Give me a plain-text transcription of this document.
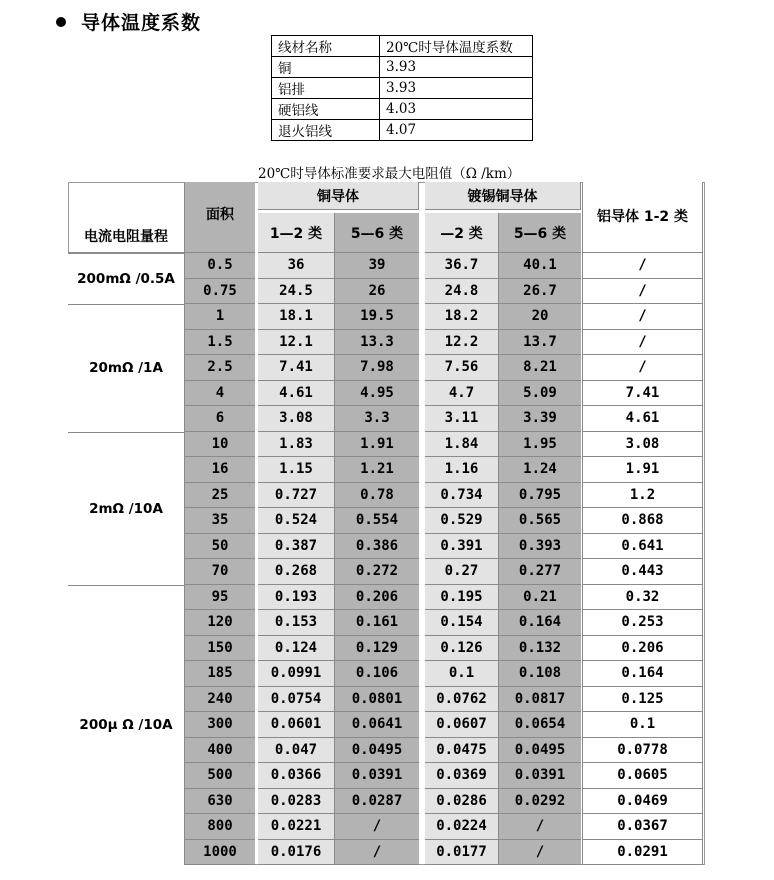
导体温度系数
线材名称	20℃时导体温度系数
铜	3.93
铝排	3.93
硬铝线	4.03
退火铝线	4.07
20℃时导体标准要求最大电阻值（Ω /km）
电流电阻量程
面积
铜导体	镀锡铜导体
1—2 类	5—6 类	—2 类	5—6 类
铝导体 1-2 类
200mΩ /0.5A
0.5	36	39	36.7	40.1	/
0.75	24.5	26	24.8	26.7	/
20mΩ /1A
1	18.1	19.5	18.2	20	/
1.5	12.1	13.3	12.2	13.7	/
2.5	7.41	7.98	7.56	8.21	/
4	4.61	4.95	4.7	5.09	7.41
6	3.08	3.3	3.11	3.39	4.61
2mΩ /10A
10	1.83	1.91	1.84	1.95	3.08
16	1.15	1.21	1.16	1.24	1.91
25	0.727	0.78	0.734	0.795	1.2
35	0.524	0.554	0.529	0.565	0.868
50	0.387	0.386	0.391	0.393	0.641
70	0.268	0.272	0.27	0.277	0.443
200μ Ω /10A
95	0.193	0.206	0.195	0.21	0.32
120	0.153	0.161	0.154	0.164	0.253
150	0.124	0.129	0.126	0.132	0.206
185	0.0991	0.106	0.1	0.108	0.164
240	0.0754	0.0801	0.0762	0.0817	0.125
300	0.0601	0.0641	0.0607	0.0654	0.1
400	0.047	0.0495	0.0475	0.0495	0.0778
500	0.0366	0.0391	0.0369	0.0391	0.0605
630	0.0283	0.0287	0.0286	0.0292	0.0469
800	0.0221	/	0.0224	/	0.0367
1000	0.0176	/	0.0177	/	0.0291
